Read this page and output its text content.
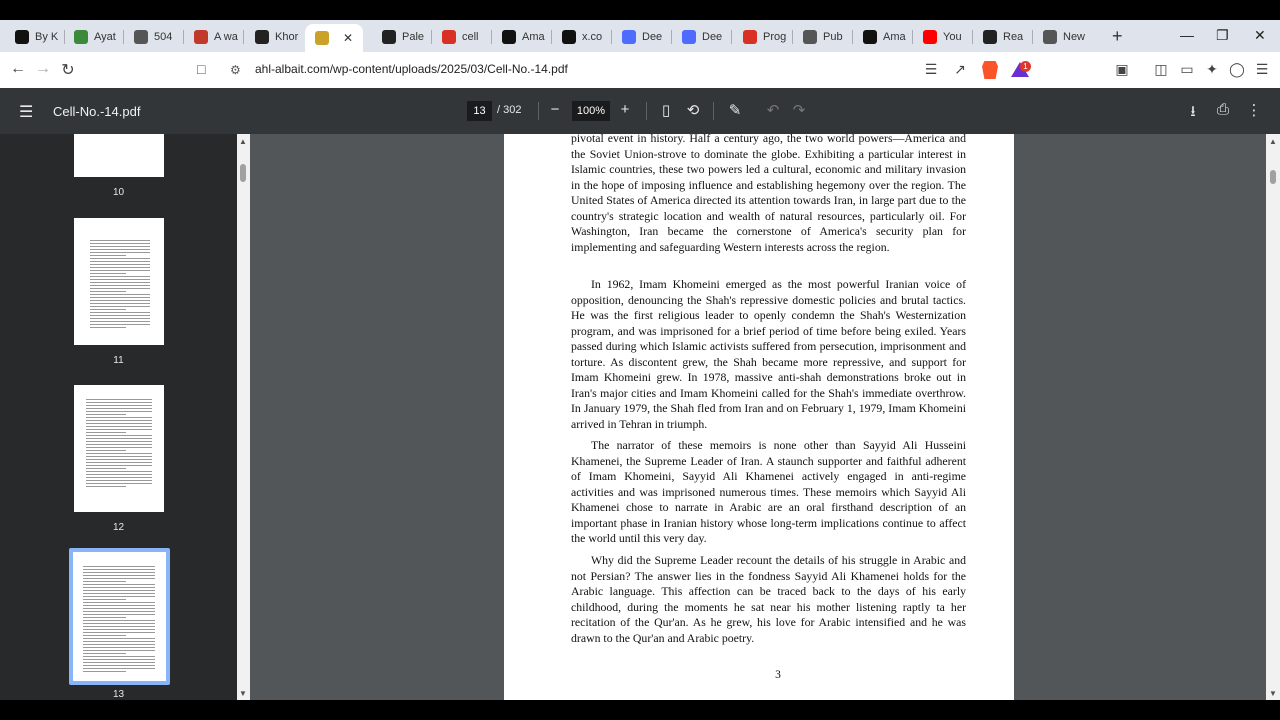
By K	Ayat	504	A wa	Khor	✕	Pale	cell	Ama	x.co	Dee	Dee	Prog	Pub	Ama	You	Rea	New +	— ❐ ✕
← → ↻	□ ⚙ ahl-albait.com/wp-content/uploads/2025/03/Cell-No.-14.pdf	☰ ↗	▣ ◫ ▭ ✦ ◯ ☰
1
☰ Cell-No.-14.pdf	13	/ 302	−	100%	+	▯	⟲ ✎ ↶ ↷	⭳	⎙ ⋮
10
11
12
13
▲
▼
pivotal event in history. Half a century ago, the two world powers—America and the Soviet Union-strove to dominate the globe. Exhibiting a particular interest in Islamic countries, these two powers led a cultural, economic and military invasion in the hope of imposing influence and establishing hegemony over the region. The United States of America directed its attention towards Iran, in large part due to the country's strategic location and wealth of natural resources, particularly oil. For Washington, Iran became the cornerstone of America's security plan for implementing and safeguarding Western interests across the region.
In 1962, Imam Khomeini emerged as the most powerful Iranian voice of opposition, denouncing the Shah's repressive domestic policies and brutal tactics. He was the first religious leader to openly condemn the Shah's Westernization program, and was imprisoned for a brief period of time before being exiled. Years passed during which Islamic activists suffered from persecution, imprisonment and torture. As discontent grew, the Shah became more repressive, and support for Imam Khomeini grew. In 1978, massive anti-shah demonstrations broke out in Iran's major cities and Imam Khomeini called for the Shah's immediate overthrow. In January 1979, the Shah fled from Iran and on February 1, 1979, Imam Khomeini arrived in Tehran in triumph.
The narrator of these memoirs is none other than Sayyid Ali Husseini Khamenei, the Supreme Leader of Iran. A staunch supporter and faithful adherent of Imam Khomeini, Sayyid Ali Khamenei actively engaged in anti-regime activities and was imprisoned numerous times. These memoirs which Sayyid Ali Khamenei chose to narrate in Arabic are an oral firsthand description of an important phase in Iranian history whose long-term implications continue to affect the world until this very day.
Why did the Supreme Leader recount the details of his struggle in Arabic and not Persian? The answer lies in the fondness Sayyid Ali Khamenei holds for the Arabic language. This affection can be traced back to the days of his early childhood, during the moments he sat near his mother listening raptly ta her recitation of the Qur'an. As he grew, his love for Arabic intensified and he was drawn to the Qur'an and Arabic poetry.
3
▲
▼
